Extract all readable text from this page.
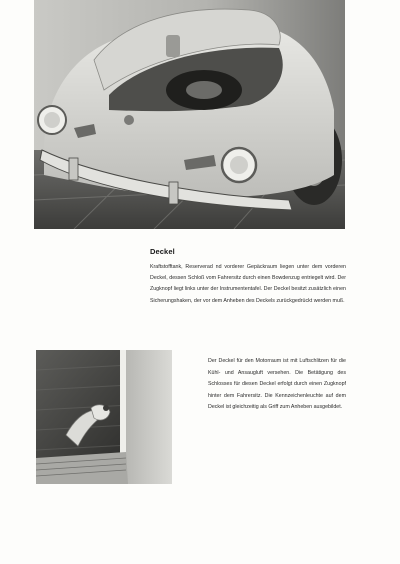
Deckel

Kraftstofftank, Reserverad nd vorderer Gepäckraum liegen unter dem vorderen Deckel, dessen Schloß vom Fahrersitz durch einen Bowdenzug entriegelt wird. Der Zugknopf liegt links unter der Instrumententafel. Der Deckel besitzt zusätzlich einen Sicherungshaken, der vor dem Anheben des Deckels zurückgedrückt werden muß.

Der Deckel für den Motorraum ist mit Luftschlitzen für die Kühl- und Ansaugluft versehen. Die Betätigung des Schlosses für diesen Deckel erfolgt durch einen Zugknopf hinter dem Fahrersitz. Die Kennzeichenleuchte auf dem Deckel ist gleichzeitig als Griff zum Anheben ausgebildet.
